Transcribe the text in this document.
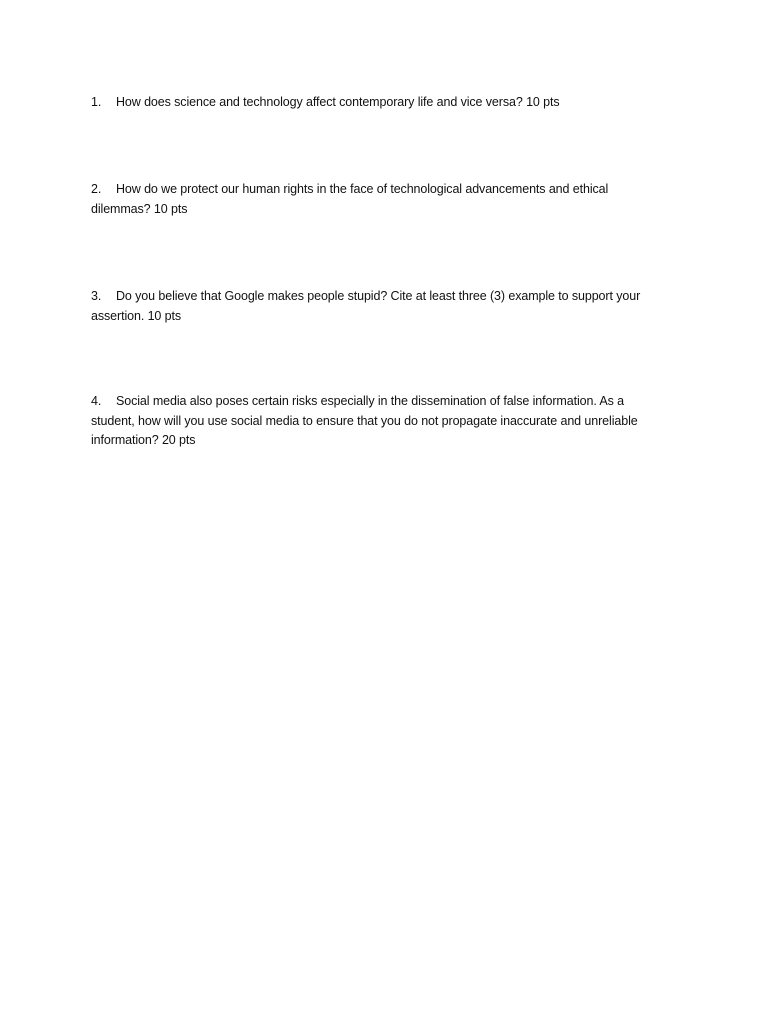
1. How does science and technology affect contemporary life and vice versa? 10 pts
2. How do we protect our human rights in the face of technological advancements and ethical dilemmas? 10 pts
3. Do you believe that Google makes people stupid? Cite at least three (3) example to support your assertion. 10 pts
4. Social media also poses certain risks especially in the dissemination of false information. As a student, how will you use social media to ensure that you do not propagate inaccurate and unreliable information? 20 pts
